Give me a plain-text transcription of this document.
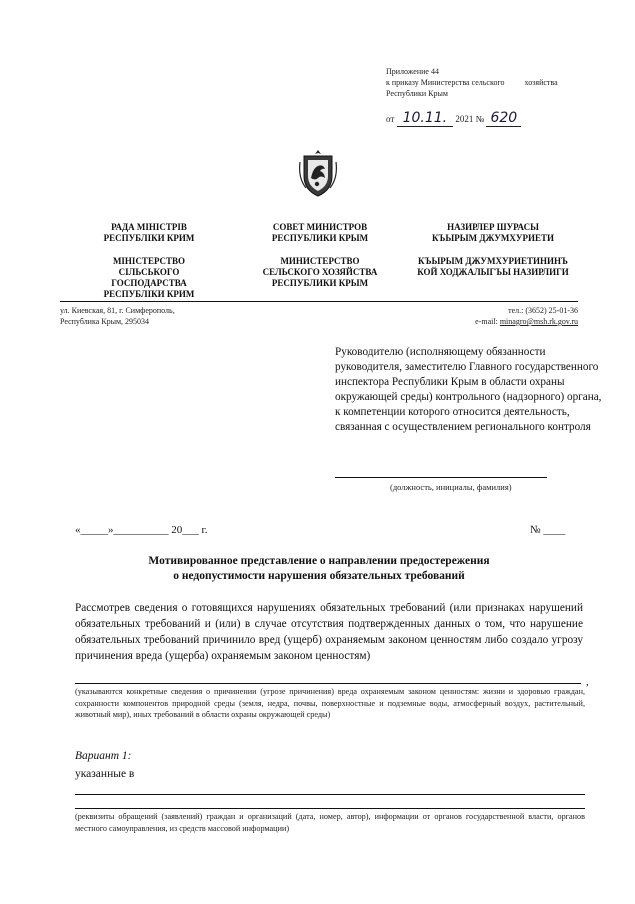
Приложение 44
к приказу Министерства сельского	хозяйства
Республики Крым
от 10.11. 2021 № 620
РАДА МІНІСТРІВ
РЕСПУБЛІКИ КРИМ
МІНІСТЕРСТВО
СІЛЬСЬКОГО
ГОСПОДАРСТВА
РЕСПУБЛІКИ КРИМ
СОВЕТ МИНИСТРОВ
РЕСПУБЛИКИ КРЫМ
МИНИСТЕРСТВО
СЕЛЬСКОГО ХОЗЯЙСТВА
РЕСПУБЛИКИ КРЫМ
НАЗИРЛЕР ШУРАСЫ
КЪЫРЫМ ДЖУМХУРИЕТИ
КЪЫРЫМ ДЖУМХУРИЕТИНИНЪ
КОЙ ХОДЖАЛЫГЪЫ НАЗИРЛИГИ
ул. Киевская, 81, г. Симферополь,
Республика Крым, 295034
тел.: (3652) 25-01-36
e-mail: minagro@msh.rk.gov.ru
Руководителю (исполняющему обязанности руководителя, заместителю Главного государственного инспектора Республики Крым в области охраны окружающей среды) контрольного (надзорного) органа, к компетенции которого относится деятельность, связанная с осуществлением регионального контроля
(должность, инициалы, фамилия)
«_____»__________ 20___ г.	№ ____
Мотивированное представление о направлении предостережения
о недопустимости нарушения обязательных требований
Рассмотрев сведения о готовящихся нарушениях обязательных требований (или признаках нарушений обязательных требований и (или) в случае отсутствия подтвержденных данных о том, что нарушение обязательных требований причинило вред (ущерб) охраняемым законом ценностям либо создало угрозу причинения вреда (ущерба) охраняемым законом ценностям)
,
(указываются конкретные сведения о причинении (угрозе причинения) вреда охраняемым законом ценностям: жизни и здоровью граждан, сохранности компонентов природной среды (земля, недра, почвы, поверхностные и подземные воды, атмосферный воздух, растительный, животный мир), иных требований в области охраны окружающей среды)
Вариант 1:
указанные в
(реквизиты обращений (заявлений) граждан и организаций (дата, номер, автор), информации от органов государственной власти, органов местного самоуправления, из средств массовой информации)
